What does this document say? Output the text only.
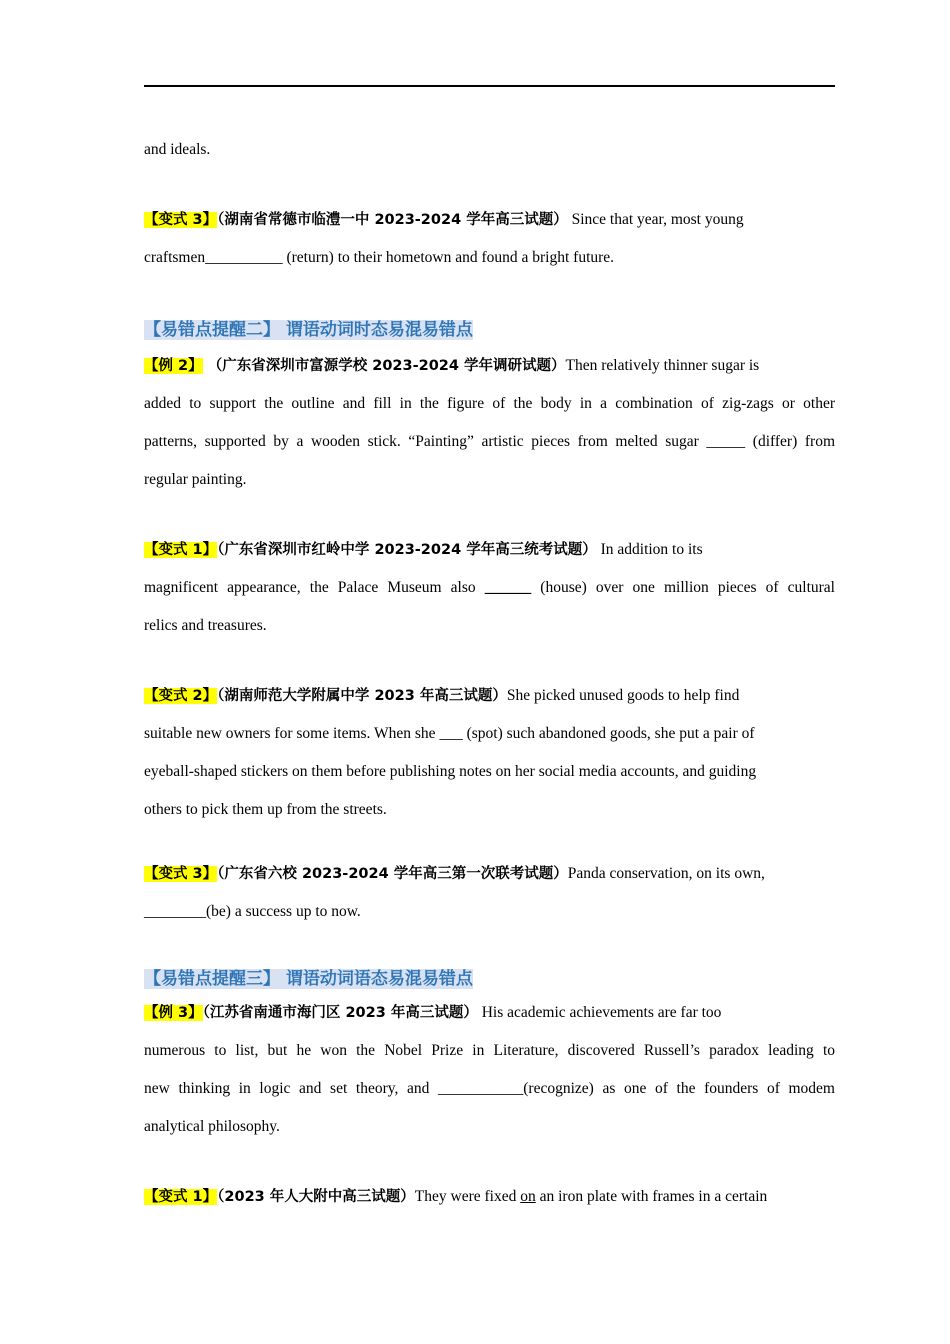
and ideals.

【变式 3】（湖南省常德市临澧一中 2023-2024 学年高三试题） Since that year, most young
craftsmen__________ (return) to their hometown and found a bright future.
【易错点提醒二】 谓语动词时态易混易错点
【例 2】 （广东省深圳市富源学校 2023-2024 学年调研试题）Then relatively thinner sugar is
added to support the outline and fill in the figure of the body in a combination of zig-zags or other
patterns, supported by a wooden stick. “Painting” artistic pieces from melted sugar _____ (differ) from
regular painting.
【变式 1】（广东省深圳市红岭中学 2023-2024 学年高三统考试题） In addition to its
magnificent appearance, the Palace Museum also ______ (house) over one million pieces of cultural
relics and treasures.
【变式 2】（湖南师范大学附属中学 2023 年高三试题）She picked unused goods to help find
suitable new owners for some items. When she ___ (spot) such abandoned goods, she put a pair of
eyeball-shaped stickers on them before publishing notes on her social media accounts, and guiding
others to pick them up from the streets.
【变式 3】（广东省六校 2023-2024 学年高三第一次联考试题）Panda conservation, on its own,
________(be) a success up to now.
【易错点提醒三】 谓语动词语态易混易错点
【例 3】（江苏省南通市海门区 2023 年高三试题） His academic achievements are far too
numerous to list, but he won the Nobel Prize in Literature, discovered Russell’s paradox leading to
new thinking in logic and set theory, and ___________(recognize) as one of the founders of modem
analytical philosophy.
【变式 1】（2023 年人大附中高三试题）They were fixed on an iron plate with frames in a certain
